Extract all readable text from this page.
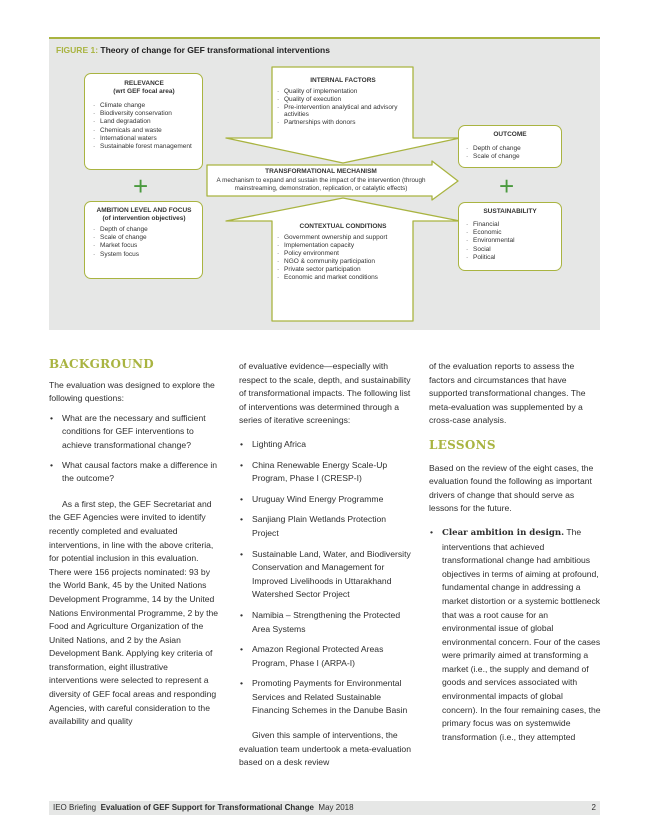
FIGURE 1: Theory of change for GEF transformational interventions
RELEVANCE
(wrt GEF focal area)
· Climate change
· Biodiversity conservation
· Land degradation
· Chemicals and waste
· International waters
· Sustainable forest management
+
AMBITION LEVEL AND FOCUS
(of intervention objectives)
· Depth of change
· Scale of change
· Market focus
· System focus
INTERNAL FACTORS
· Quality of implementation
· Quality of execution
· Pre-intervention analytical and advisory activities
· Partnerships with donors
TRANSFORMATIONAL MECHANISM
A mechanism to expand and sustain the impact of the intervention (through mainstreaming, demonstration, replication, or catalytic effects)
CONTEXTUAL CONDITIONS
· Government ownership and support
· Implementation capacity
· Policy environment
· NGO & community participation
· Private sector participation
· Economic and market conditions
OUTCOME
· Depth of change
· Scale of change
+
SUSTAINABILITY
· Financial
· Economic
· Environmental
· Social
· Political
BACKGROUND

The evaluation was designed to explore the following questions:

• What are the necessary and sufficient conditions for GEF interventions to achieve transformational change?
• What causal factors make a difference in the outcome?

As a first step, the GEF Secretariat and the GEF Agencies were invited to identify recently completed and evaluated interventions, in line with the above criteria, for potential inclusion in this evaluation. There were 156 projects nominated: 93 by the World Bank, 45 by the United Nations Development Programme, 14 by the United Nations Environmental Programme, 2 by the Food and Agriculture Organization of the United Nations, and 2 by the Asian Development Bank. Applying key criteria of transformation, eight illustrative interventions were selected to represent a diversity of GEF focal areas and responding Agencies, with careful consideration to the availability and quality

of evaluative evidence—especially with respect to the scale, depth, and sustainability of transformational impacts. The following list of interventions was determined through a series of iterative screenings:

• Lighting Africa
• China Renewable Energy Scale-Up Program, Phase I (CRESP-I)
• Uruguay Wind Energy Programme
• Sanjiang Plain Wetlands Protection Project
• Sustainable Land, Water, and Biodiversity Conservation and Management for Improved Livelihoods in Uttarakhand Watershed Sector Project
• Namibia – Strengthening the Protected Area Systems
• Amazon Regional Protected Areas Program, Phase I (ARPA-I)
• Promoting Payments for Environmental Services and Related Sustainable Financing Schemes in the Danube Basin

Given this sample of interventions, the evaluation team undertook a meta-evaluation based on a desk review

of the evaluation reports to assess the factors and circumstances that have supported transformational changes. The meta-evaluation was supplemented by a cross-case analysis.

LESSONS

Based on the review of the eight cases, the evaluation found the following as important drivers of change that should serve as lessons for the future.

• Clear ambition in design. The interventions that achieved transformational change had ambitious objectives in terms of aiming at profound, fundamental change in addressing a market distortion or a systemic bottleneck that was a root cause for an environmental issue of global environmental concern. Four of the cases were primarily aimed at transforming a market (i.e., the supply and demand of goods and services associated with environmental impacts of global concern). In the four remaining cases, the primary focus was on systemwide transformation (i.e., they attempted
IEO Briefing Evaluation of GEF Support for Transformational Change May 2018	2
